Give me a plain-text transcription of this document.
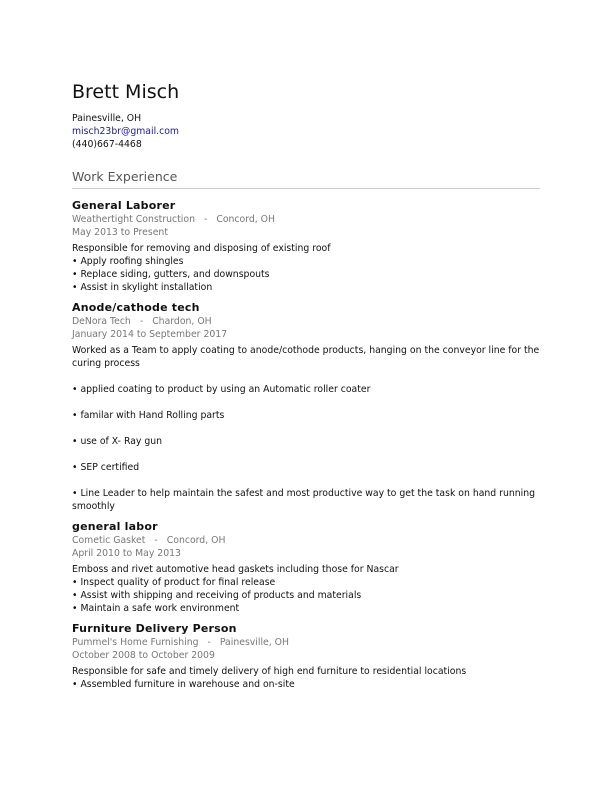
Brett Misch
Painesville, OH
misch23br@gmail.com
(440)667-4468
Work Experience
General Laborer
Weathertight Construction - Concord, OH
May 2013 to Present
Responsible for removing and disposing of existing roof
• Apply roofing shingles
• Replace siding, gutters, and downspouts
• Assist in skylight installation
Anode/cathode tech
DeNora Tech - Chardon, OH
January 2014 to September 2017
Worked as a Team to apply coating to anode/cothode products, hanging on the conveyor line for the curing process
• applied coating to product by using an Automatic roller coater
• familar with Hand Rolling parts
• use of X- Ray gun
• SEP certified
• Line Leader to help maintain the safest and most productive way to get the task on hand running smoothly
general labor
Cometic Gasket - Concord, OH
April 2010 to May 2013
Emboss and rivet automotive head gaskets including those for Nascar
• Inspect quality of product for final release
• Assist with shipping and receiving of products and materials
• Maintain a safe work environment
Furniture Delivery Person
Pummel's Home Furnishing - Painesville, OH
October 2008 to October 2009
Responsible for safe and timely delivery of high end furniture to residential locations
• Assembled furniture in warehouse and on-site
